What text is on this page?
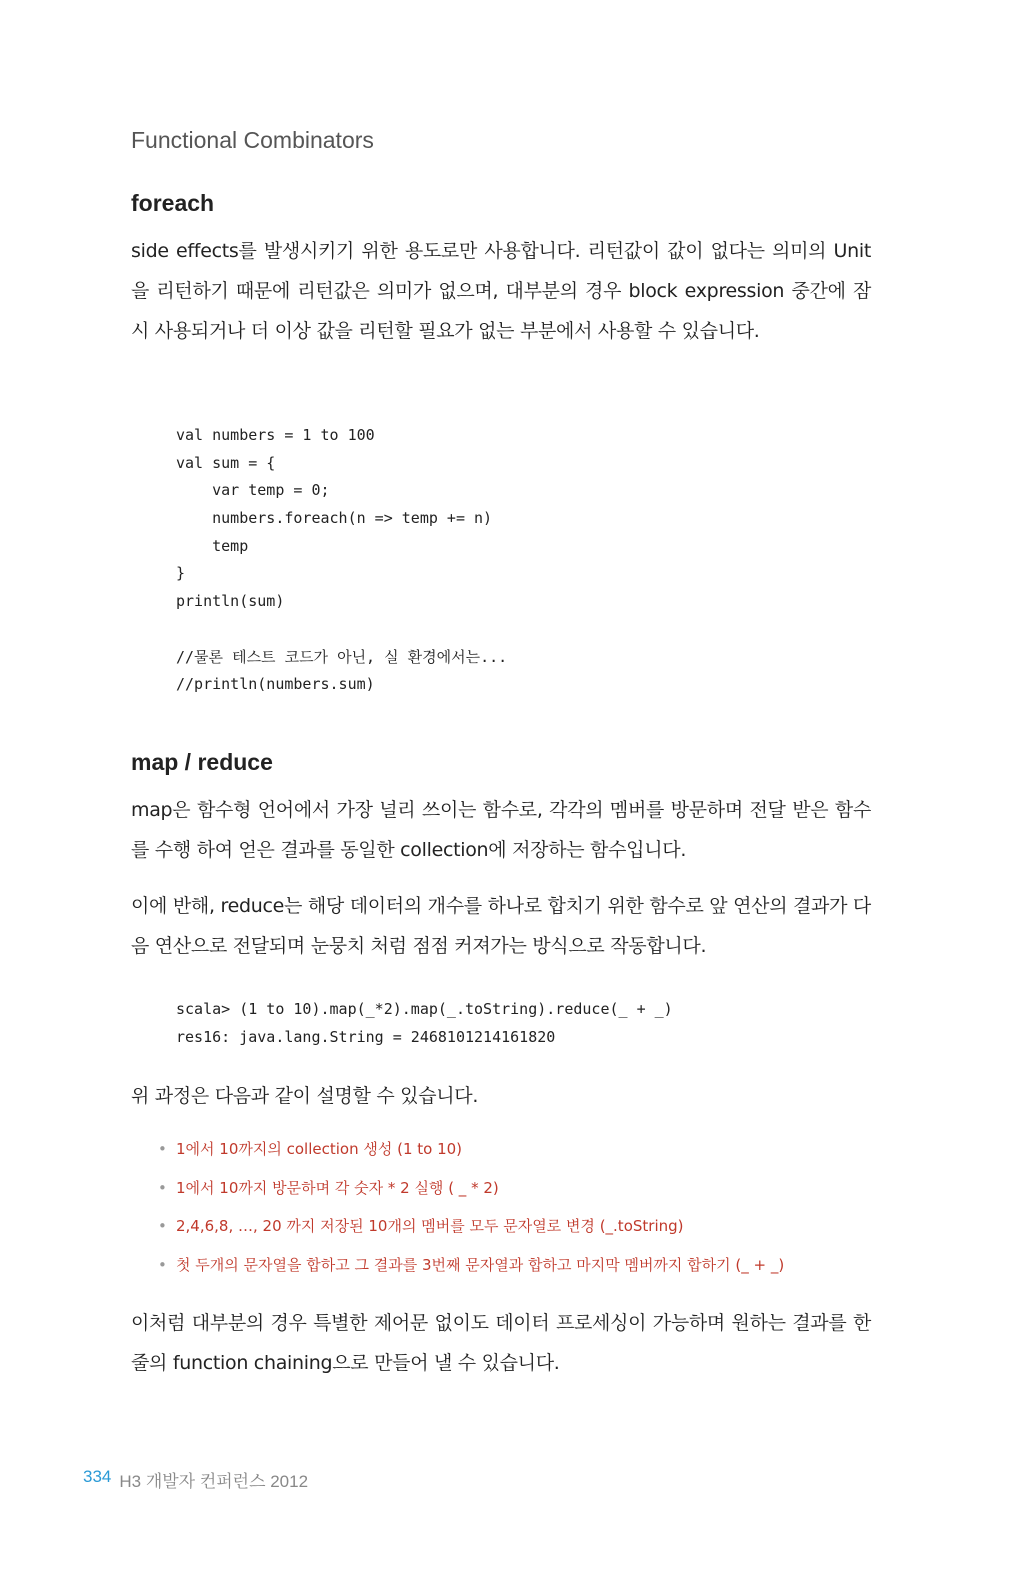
Functional Combinators
foreach
side effects를 발생시키기 위한 용도로만 사용합니다. 리턴값이 값이 없다는 의미의 Unit을 리턴하기 때문에 리턴값은 의미가 없으며, 대부분의 경우 block expression 중간에 잠시 사용되거나 더 이상 값을 리턴할 필요가 없는 부분에서 사용할 수 있습니다.
val numbers = 1 to 100
val sum = {
var temp = 0;
numbers.foreach(n => temp += n)
temp
}
println(sum)
//물론 테스트 코드가 아닌, 실 환경에서는...
//println(numbers.sum)
map / reduce
map은 함수형 언어에서 가장 널리 쓰이는 함수로, 각각의 멤버를 방문하며 전달 받은 함수를 수행 하여 얻은 결과를 동일한 collection에 저장하는 함수입니다.
이에 반해, reduce는 해당 데이터의 개수를 하나로 합치기 위한 함수로 앞 연산의 결과가 다음 연산으로 전달되며 눈뭉치 처럼 점점 커져가는 방식으로 작동합니다.
scala> (1 to 10).map(_*2).map(_.toString).reduce(_ + _)
res16: java.lang.String = 2468101214161820
위 과정은 다음과 같이 설명할 수 있습니다.
• 1에서 10까지의 collection 생성 (1 to 10)
• 1에서 10까지 방문하며 각 숫자 * 2 실행 ( _ * 2)
• 2,4,6,8, …, 20 까지 저장된 10개의 멤버를 모두 문자열로 변경 (_.toString)
• 첫 두개의 문자열을 합하고 그 결과를 3번째 문자열과 합하고 마지막 멤버까지 합하기 (_ + _)
이처럼 대부분의 경우 특별한 제어문 없이도 데이터 프로세싱이 가능하며 원하는 결과를 한줄의 function chaining으로 만들어 낼 수 있습니다.
334 H3 개발자 컨퍼런스 2012
